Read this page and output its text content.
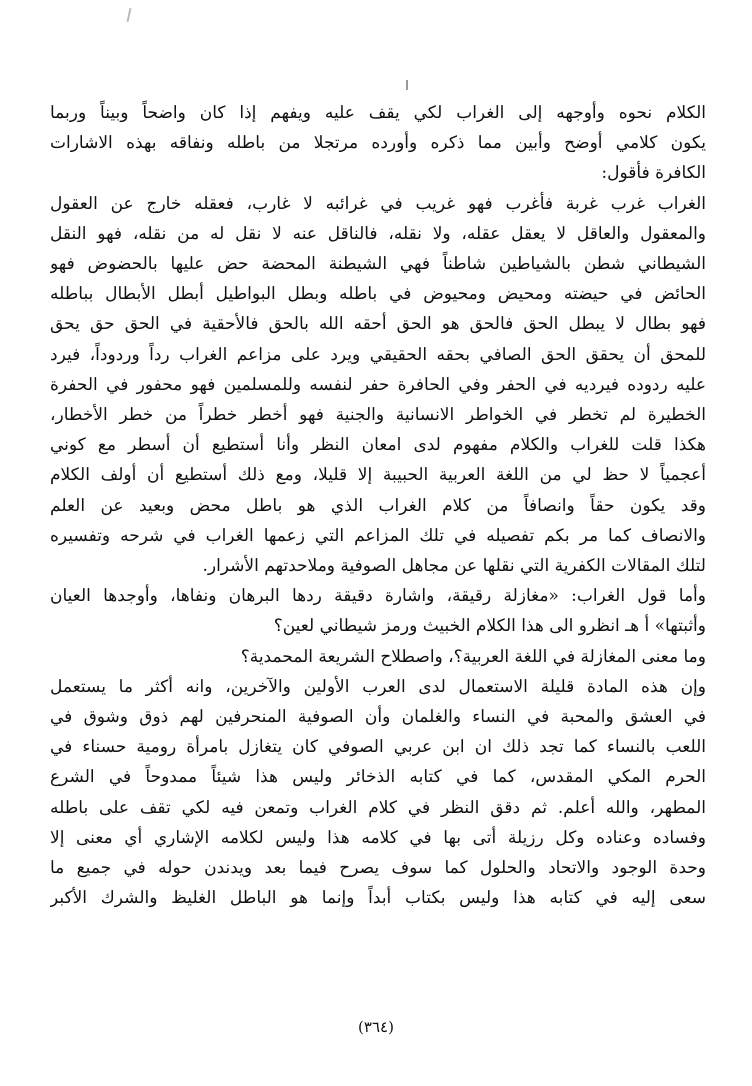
الكلام نحوه وأوجهه إلى الغراب لكي يقف عليه ويفهم إذا كان واضحاً وبيناً وربما
يكون كلامي أوضح وأبين مما ذكره وأورده مرتجلا من باطله ونفاقه بهذه الاشارات
الكافرة فأقول:
الغراب غرب غربة فأغرب فهو غريب في غرائبه لا غارب، فعقله خارج عن العقول
والمعقول والعاقل لا يعقل عقله، ولا نقله، فالناقل عنه لا نقل له من نقله، فهو النقل
الشيطاني شطن بالشياطين شاطناً فهي الشيطنة المحضة حض عليها بالحضوض فهو
الحائض في حيضته ومحيض ومحيوض في باطله وبطل البواطيل أبطل الأبطال بباطله
فهو بطال لا يبطل الحق فالحق هو الحق أحقه الله بالحق فالأحقية في الحق حق يحق
للمحق أن يحقق الحق الصافي بحقه الحقيقي ويرد على مزاعم الغراب رداً وردوداً، فيرد
عليه ردوده فيرديه في الحفر وفي الحافرة حفر لنفسه وللمسلمين فهو محفور في الحفرة
الخطيرة لم تخطر في الخواطر الانسانية والجنية فهو أخطر خطراً من خطر الأخطار،
هكذا قلت للغراب والكلام مفهوم لدى امعان النظر وأنا أستطيع أن أسطر مع كوني
أعجمياً لا حظ لي من اللغة العربية الحبيبة إلا قليلا، ومع ذلك أستطيع أن أولف الكلام
وقد يكون حقاً وانصافاً من كلام الغراب الذي هو باطل محض وبعيد عن العلم
والانصاف كما مر بكم تفصيله في تلك المزاعم التي زعمها الغراب في شرحه وتفسيره
لتلك المقالات الكفرية التي نقلها عن مجاهل الصوفية وملاحدتهم الأشرار.
وأما قول الغراب: «مغازلة رقيقة، واشارة دقيقة ردها البرهان ونفاها، وأوجدها العيان
وأثبتها» أ هـ انظرو الى هذا الكلام الخبيث ورمز شيطاني لعين؟
وما معنى المغازلة في اللغة العربية؟، واصطلاح الشريعة المحمدية؟
وإن هذه المادة قليلة الاستعمال لدى العرب الأولين والآخرين، وانه أكثر ما يستعمل
في العشق والمحبة في النساء والغلمان وأن الصوفية المنحرفين لهم ذوق وشوق في
اللعب بالنساء كما تجد ذلك ان ابن عربي الصوفي كان يتغازل بامرأة رومية حسناء في
الحرم المكي المقدس، كما في كتابه الذخائر وليس هذا شيئاً ممدوحاً في الشرع
المطهر، والله أعلم. ثم دقق النظر في كلام الغراب وتمعن فيه لكي تقف على باطله
وفساده وعناده وكل رزيلة أتى بها في كلامه هذا وليس لكلامه الإشاري أي معنى إلا
وحدة الوجود والاتحاد والحلول كما سوف يصرح فيما بعد ويدندن حوله في جميع ما
سعى إليه في كتابه هذا وليس بكتاب أبداً وإنما هو الباطل الغليظ والشرك الأكبر
(٣٦٤)
